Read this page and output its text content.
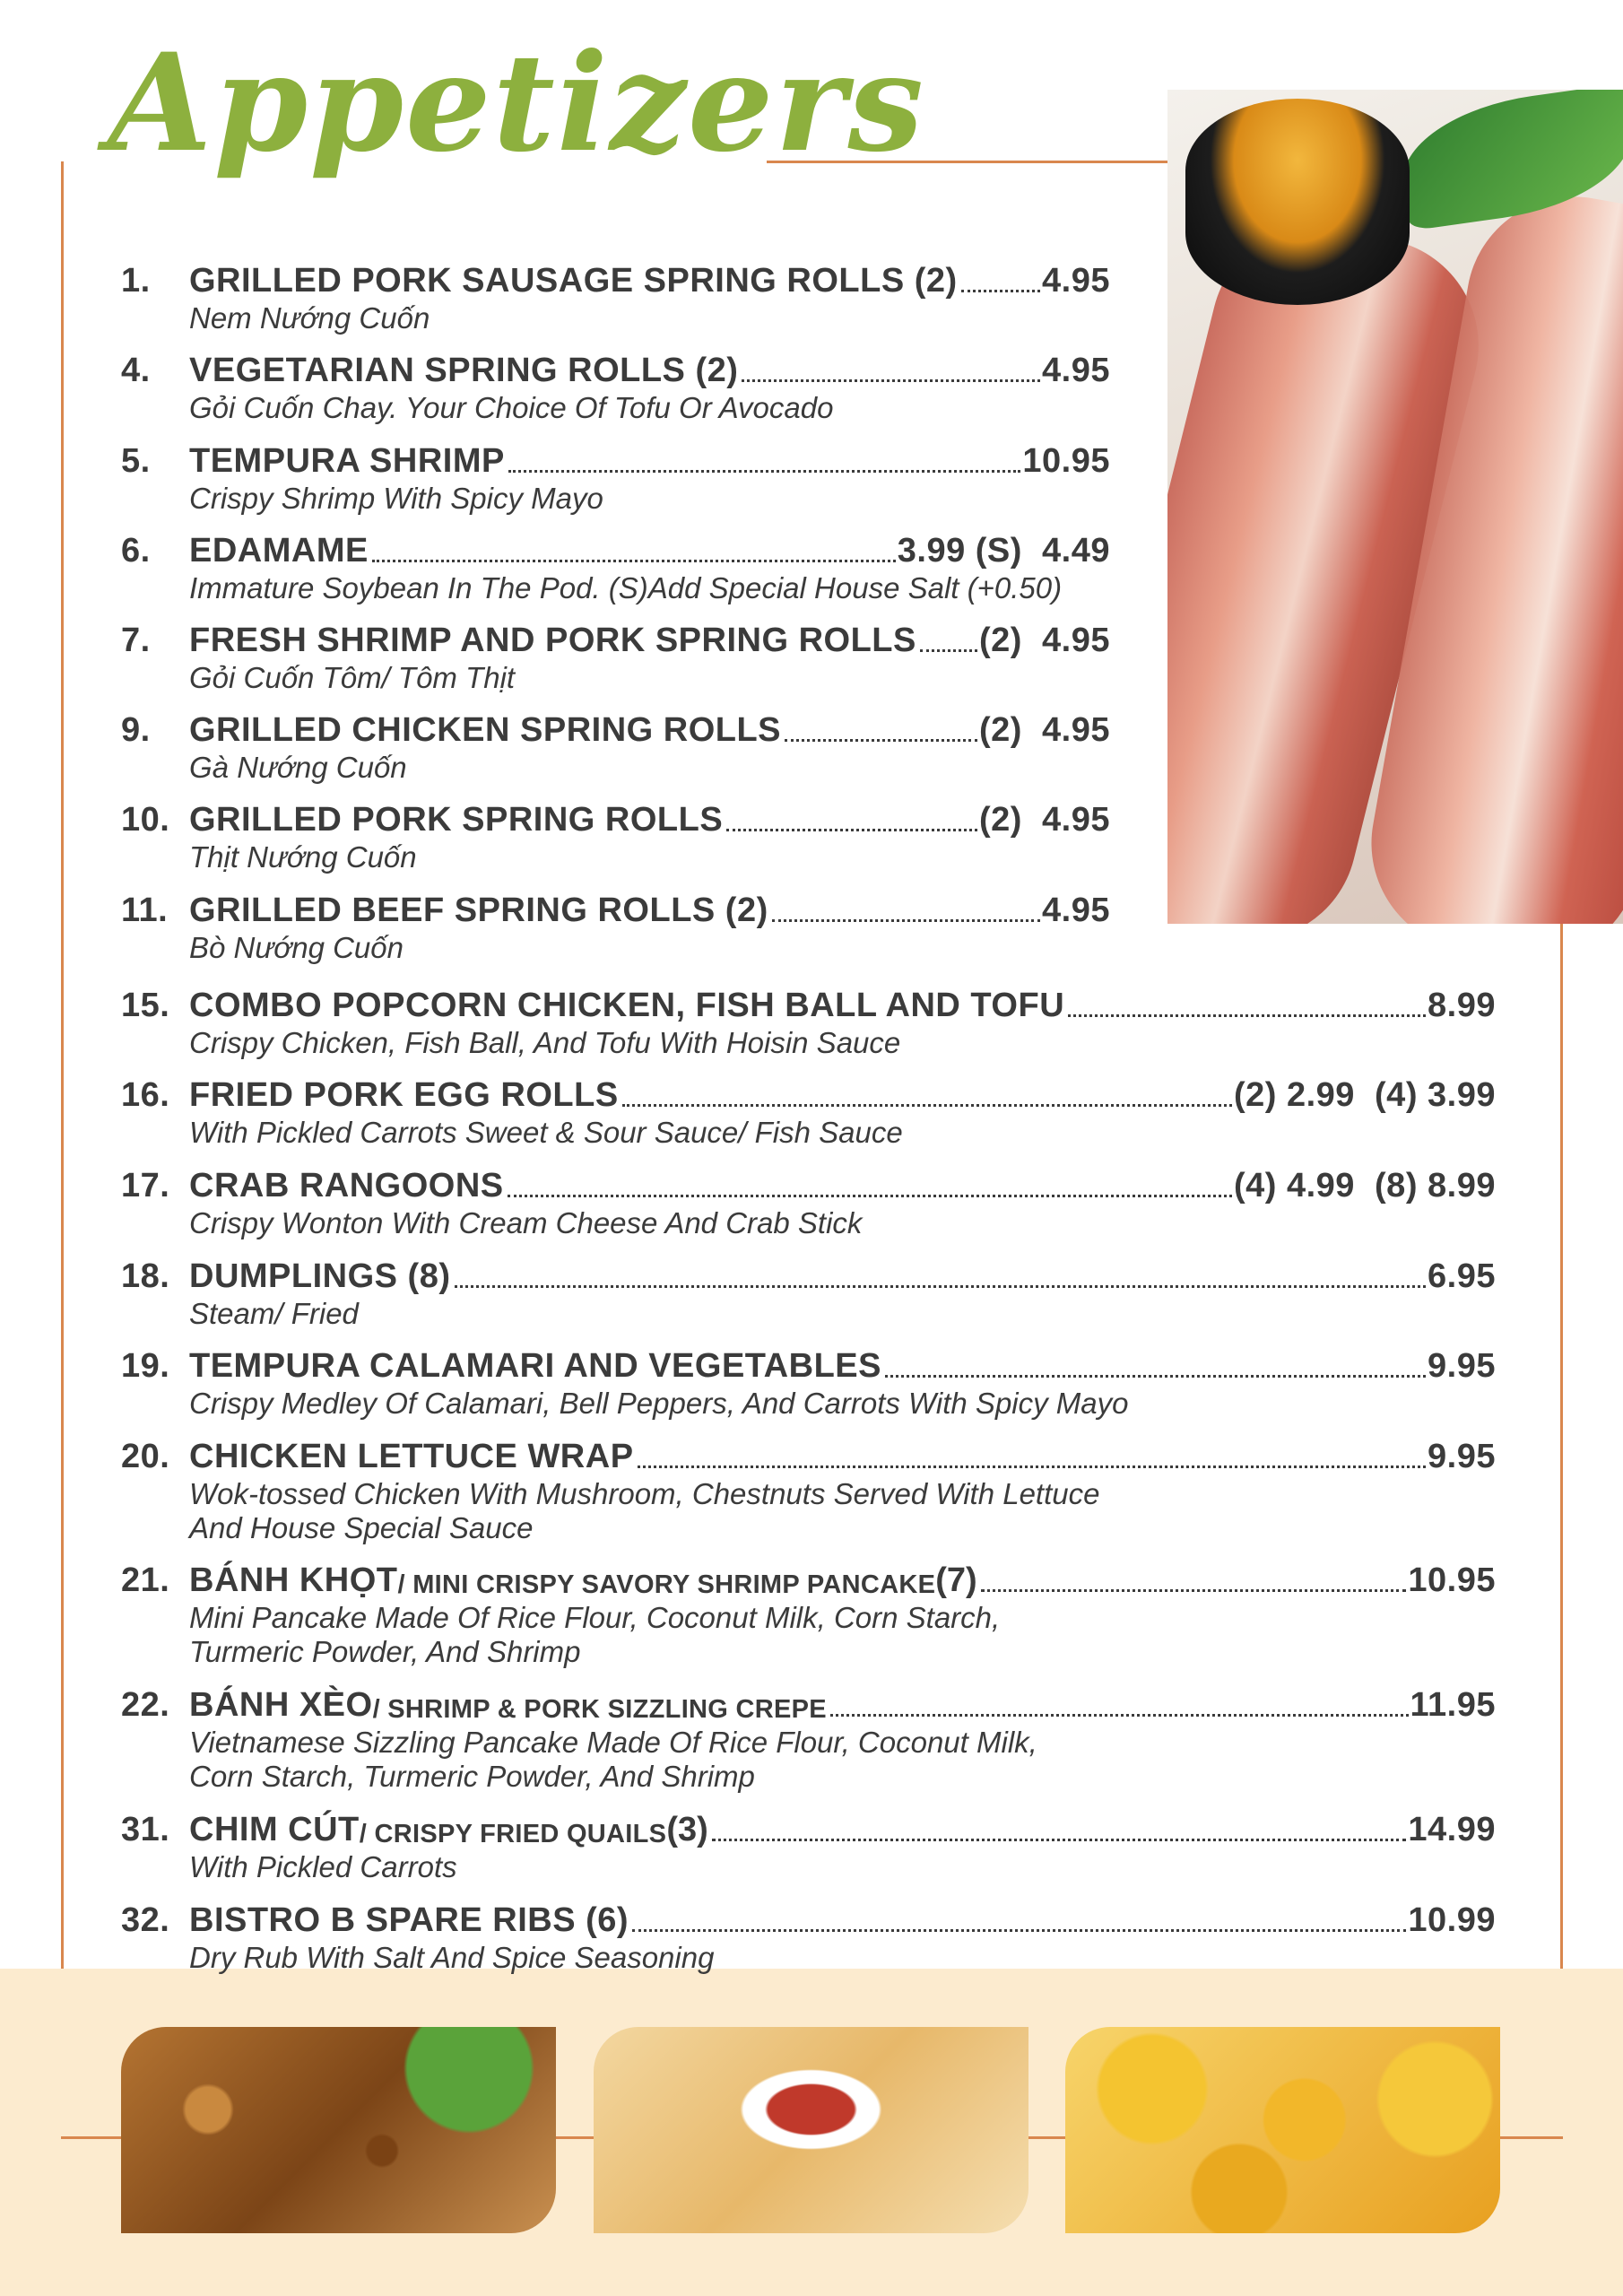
Appetizers
1. GRILLED PORK SAUSAGE SPRING ROLLS (2) 4.95
Nem Nướng Cuốn
4. VEGETARIAN SPRING ROLLS (2)	4.95
Gỏi Cuốn Chay. Your Choice Of Tofu Or Avocado
5. TEMPURA SHRIMP	10.95
Crispy Shrimp With Spicy Mayo
6. EDAMAME	3.99 (S)  4.49
Immature Soybean In The Pod. (S)Add Special House Salt (+0.50)
7. FRESH SHRIMP AND PORK SPRING ROLLS (2)  4.95
Gỏi Cuốn Tôm/ Tôm Thịt
9. GRILLED CHICKEN SPRING ROLLS	(2)  4.95
Gà Nướng Cuốn
10. GRILLED PORK SPRING ROLLS	(2)  4.95
Thịt Nướng Cuốn
11. GRILLED BEEF SPRING ROLLS (2)	4.95
Bò Nướng Cuốn
15. COMBO POPCORN CHICKEN, FISH BALL AND TOFU	8.99
Crispy Chicken, Fish Ball, And Tofu With Hoisin Sauce
16. FRIED PORK EGG ROLLS	(2) 2.99  (4) 3.99
With Pickled Carrots Sweet & Sour Sauce/ Fish Sauce
17. CRAB RANGOONS	(4) 4.99  (8) 8.99
Crispy Wonton With Cream Cheese And Crab Stick
18. DUMPLINGS (8)	6.95
Steam/ Fried
19. TEMPURA CALAMARI AND VEGETABLES	9.95
Crispy Medley Of Calamari, Bell Peppers, And Carrots With Spicy Mayo
20. CHICKEN LETTUCE WRAP	9.95
Wok-tossed Chicken With Mushroom, Chestnuts Served With Lettuce
And House Special Sauce
21. BÁNH KHỌT / MINI CRISPY SAVORY SHRIMP PANCAKE (7)	10.95
Mini Pancake Made Of Rice Flour, Coconut Milk, Corn Starch,
Turmeric Powder, And Shrimp
22. BÁNH XÈO / SHRIMP & PORK SIZZLING CREPE	11.95
Vietnamese Sizzling Pancake Made Of Rice Flour, Coconut Milk,
Corn Starch, Turmeric Powder, And Shrimp
31. CHIM CÚT / CRISPY FRIED QUAILS (3)	14.99
With Pickled Carrots
32. BISTRO B SPARE RIBS (6)	10.99
Dry Rub With Salt And Spice Seasoning
